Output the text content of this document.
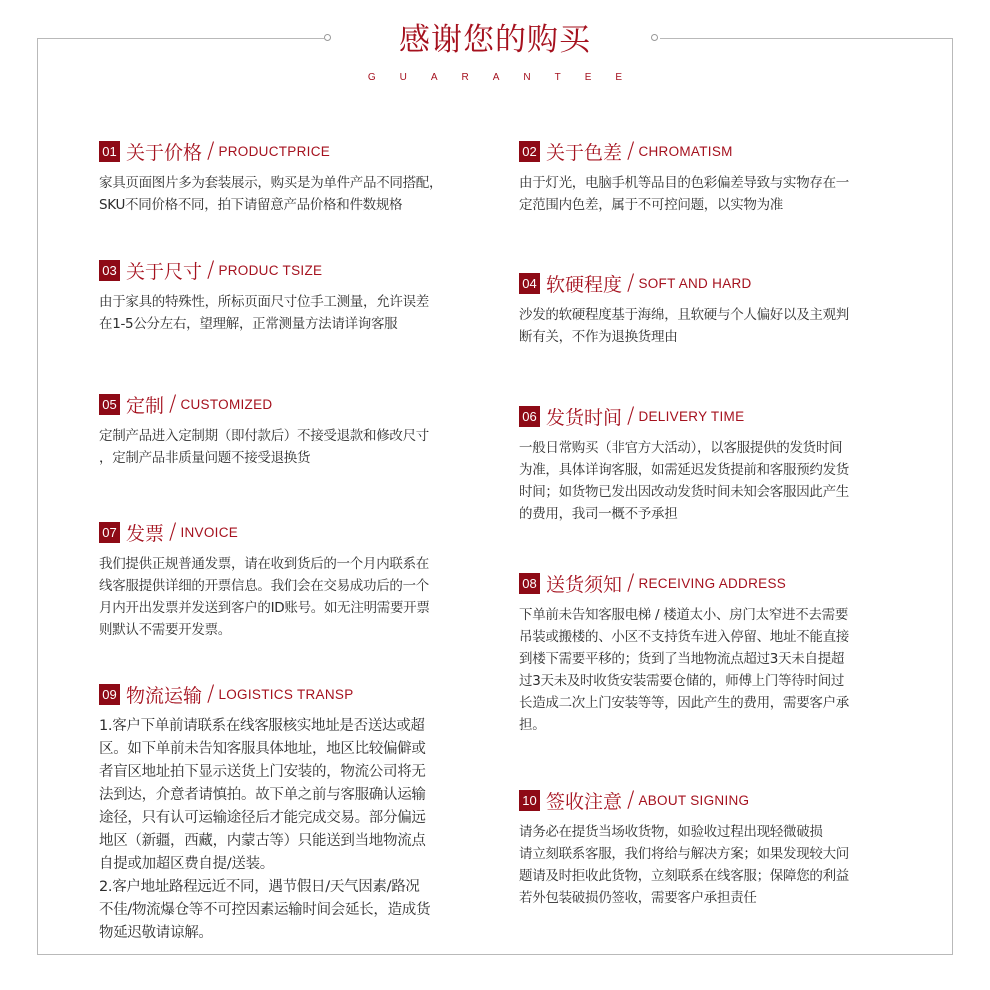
感谢您的购买
GUARANTEE
01 关于价格 / PRODUCTPRICE
家具页面图片多为套装展示，购买是为单件产品不同搭配，
SKU不同价格不同，拍下请留意产品价格和件数规格
02 关于色差 / CHROMATISM
由于灯光，电脑手机等品目的色彩偏差导致与实物存在一
定范围内色差，属于不可控问题，以实物为准
03 关于尺寸 / PRODUC TSIZE
由于家具的特殊性，所标页面尺寸位手工测量，允许误差
在1-5公分左右，望理解，正常测量方法请详询客服
04 软硬程度 / SOFT AND HARD
沙发的软硬程度基于海绵，且软硬与个人偏好以及主观判
断有关，不作为退换货理由
05 定制 / CUSTOMIZED
定制产品进入定制期（即付款后）不接受退款和修改尺寸
，定制产品非质量问题不接受退换货
06 发货时间 / DELIVERY TIME
一般日常购买（非官方大活动），以客服提供的发货时间
为准，具体详询客服，如需延迟发货提前和客服预约发货
时间；如货物已发出因改动发货时间未知会客服因此产生
的费用，我司一概不予承担
07 发票 / INVOICE
我们提供正规普通发票，请在收到货后的一个月内联系在
线客服提供详细的开票信息。我们会在交易成功后的一个
月内开出发票并发送到客户的ID账号。如无注明需要开票
则默认不需要开发票。
08 送货须知 / RECEIVING ADDRESS
下单前未告知客服电梯 / 楼道太小、房门太窄进不去需要
吊装或搬楼的、小区不支持货车进入停留、地址不能直接
到楼下需要平移的；货到了当地物流点超过3天未自提超
过3天未及时收货安装需要仓储的，师傅上门等待时间过
长造成二次上门安装等等，因此产生的费用，需要客户承
担。
09 物流运输 / LOGISTICS TRANSP
1.客户下单前请联系在线客服核实地址是否送达或超
区。如下单前未告知客服具体地址，地区比较偏僻或
者盲区地址拍下显示送货上门安装的，物流公司将无
法到达，介意者请慎拍。故下单之前与客服确认运输
途径，只有认可运输途径后才能完成交易。部分偏远
地区（新疆，西藏，内蒙古等）只能送到当地物流点
自提或加超区费自提/送装。
2.客户地址路程远近不同，遇节假日/天气因素/路况
不佳/物流爆仓等不可控因素运输时间会延长，造成货
物延迟敬请谅解。
10 签收注意 / ABOUT SIGNING
请务必在提货当场收货物，如验收过程出现轻微破损
请立刻联系客服，我们将给与解决方案；如果发现较大问
题请及时拒收此货物，立刻联系在线客服；保障您的利益
若外包装破损仍签收，需要客户承担责任
